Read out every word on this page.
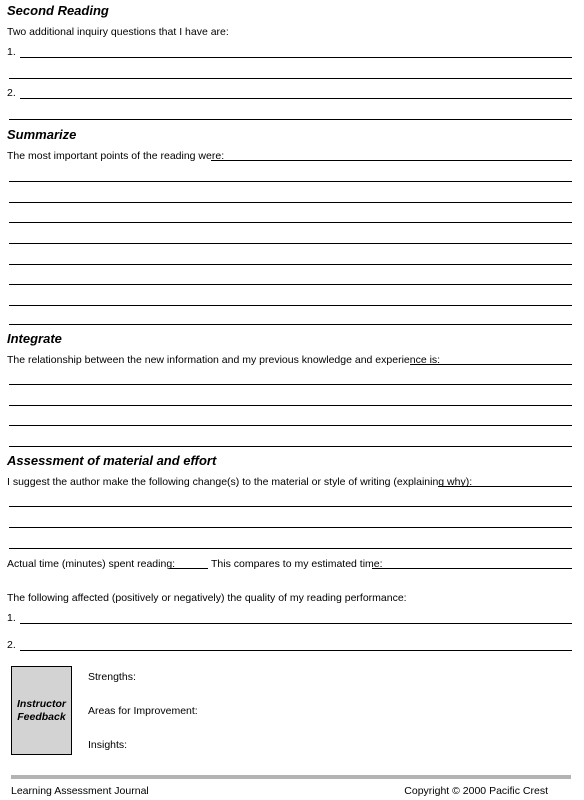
Second Reading
Two additional inquiry questions that I have are:
1.
2.
Summarize
The most important points of the reading were:
Integrate
The relationship between the new information and my previous knowledge and experience is:
Assessment of material and effort
I suggest the author make the following change(s) to the material or style of writing (explaining why):
Actual time (minutes) spent reading:	This compares to my estimated time:
The following affected (positively or negatively) the quality of my reading performance:
1.
2.
Instructor
Feedback
Strengths:
Areas for Improvement:
Insights:
Learning Assessment Journal	Copyright © 2000 Pacific Crest
